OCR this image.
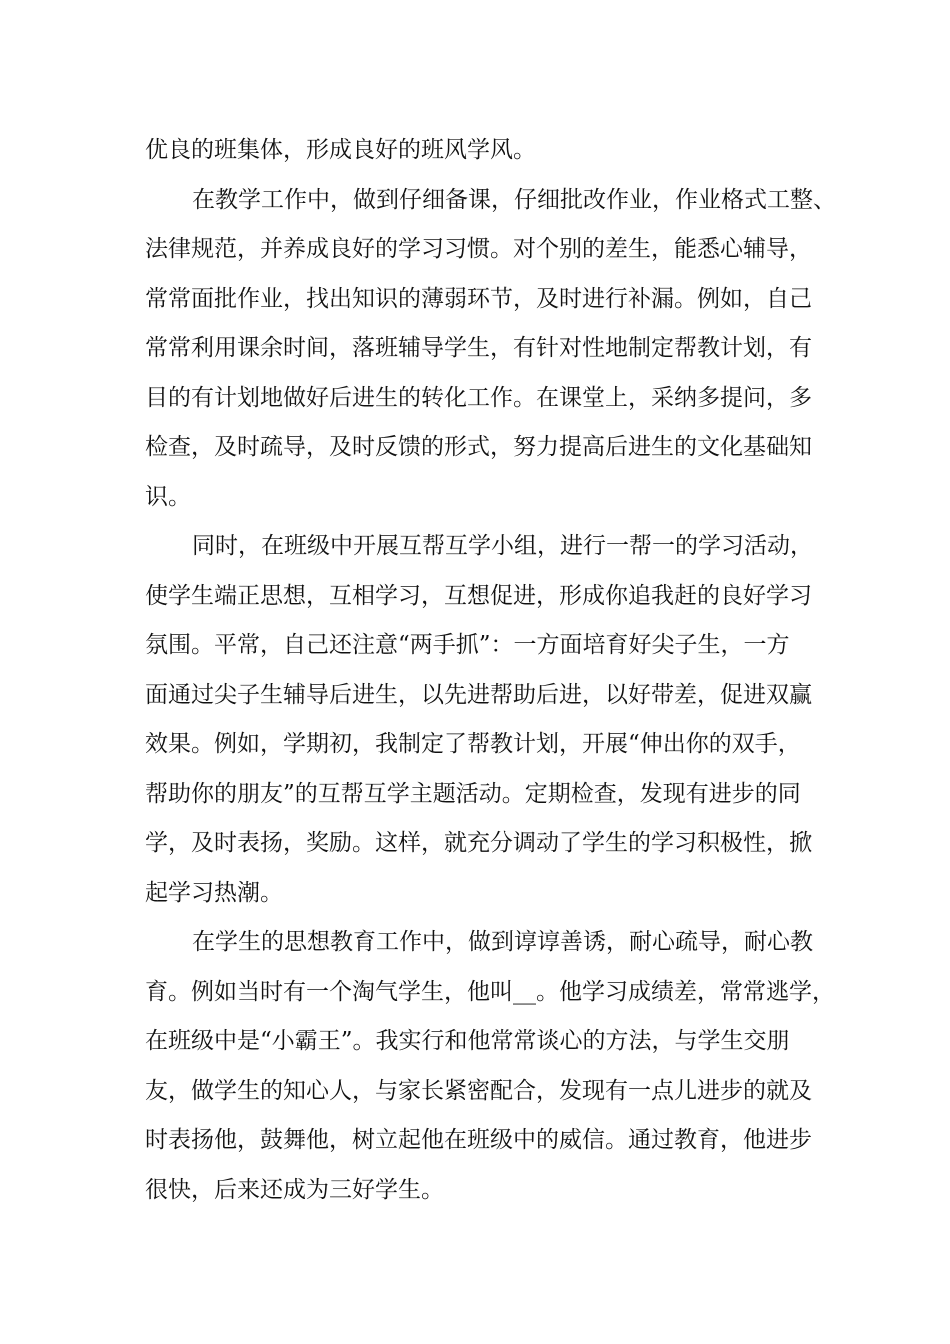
优良的班集体，形成良好的班风学风。
在教学工作中，做到仔细备课，仔细批改作业，作业格式工整、
法律规范，并养成良好的学习习惯。对个别的差生，能悉心辅导，
常常面批作业，找出知识的薄弱环节，及时进行补漏。例如，自己
常常利用课余时间，落班辅导学生，有针对性地制定帮教计划，有
目的有计划地做好后进生的转化工作。在课堂上，采纳多提问，多
检查，及时疏导，及时反馈的形式，努力提高后进生的文化基础知
识。
同时，在班级中开展互帮互学小组，进行一帮一的学习活动，
使学生端正思想，互相学习，互想促进，形成你追我赶的良好学习
氛围。平常，自己还注意“两手抓”：一方面培育好尖子生，一方
面通过尖子生辅导后进生，以先进帮助后进，以好带差，促进双赢
效果。例如，学期初，我制定了帮教计划，开展“伸出你的双手，
帮助你的朋友”的互帮互学主题活动。定期检查，发现有进步的同
学，及时表扬，奖励。这样，就充分调动了学生的学习积极性，掀
起学习热潮。
在学生的思想教育工作中，做到谆谆善诱，耐心疏导，耐心教
育。例如当时有一个淘气学生，他叫__。他学习成绩差，常常逃学，
在班级中是“小霸王”。我实行和他常常谈心的方法，与学生交朋
友，做学生的知心人，与家长紧密配合，发现有一点儿进步的就及
时表扬他，鼓舞他，树立起他在班级中的威信。通过教育，他进步
很快，后来还成为三好学生。
